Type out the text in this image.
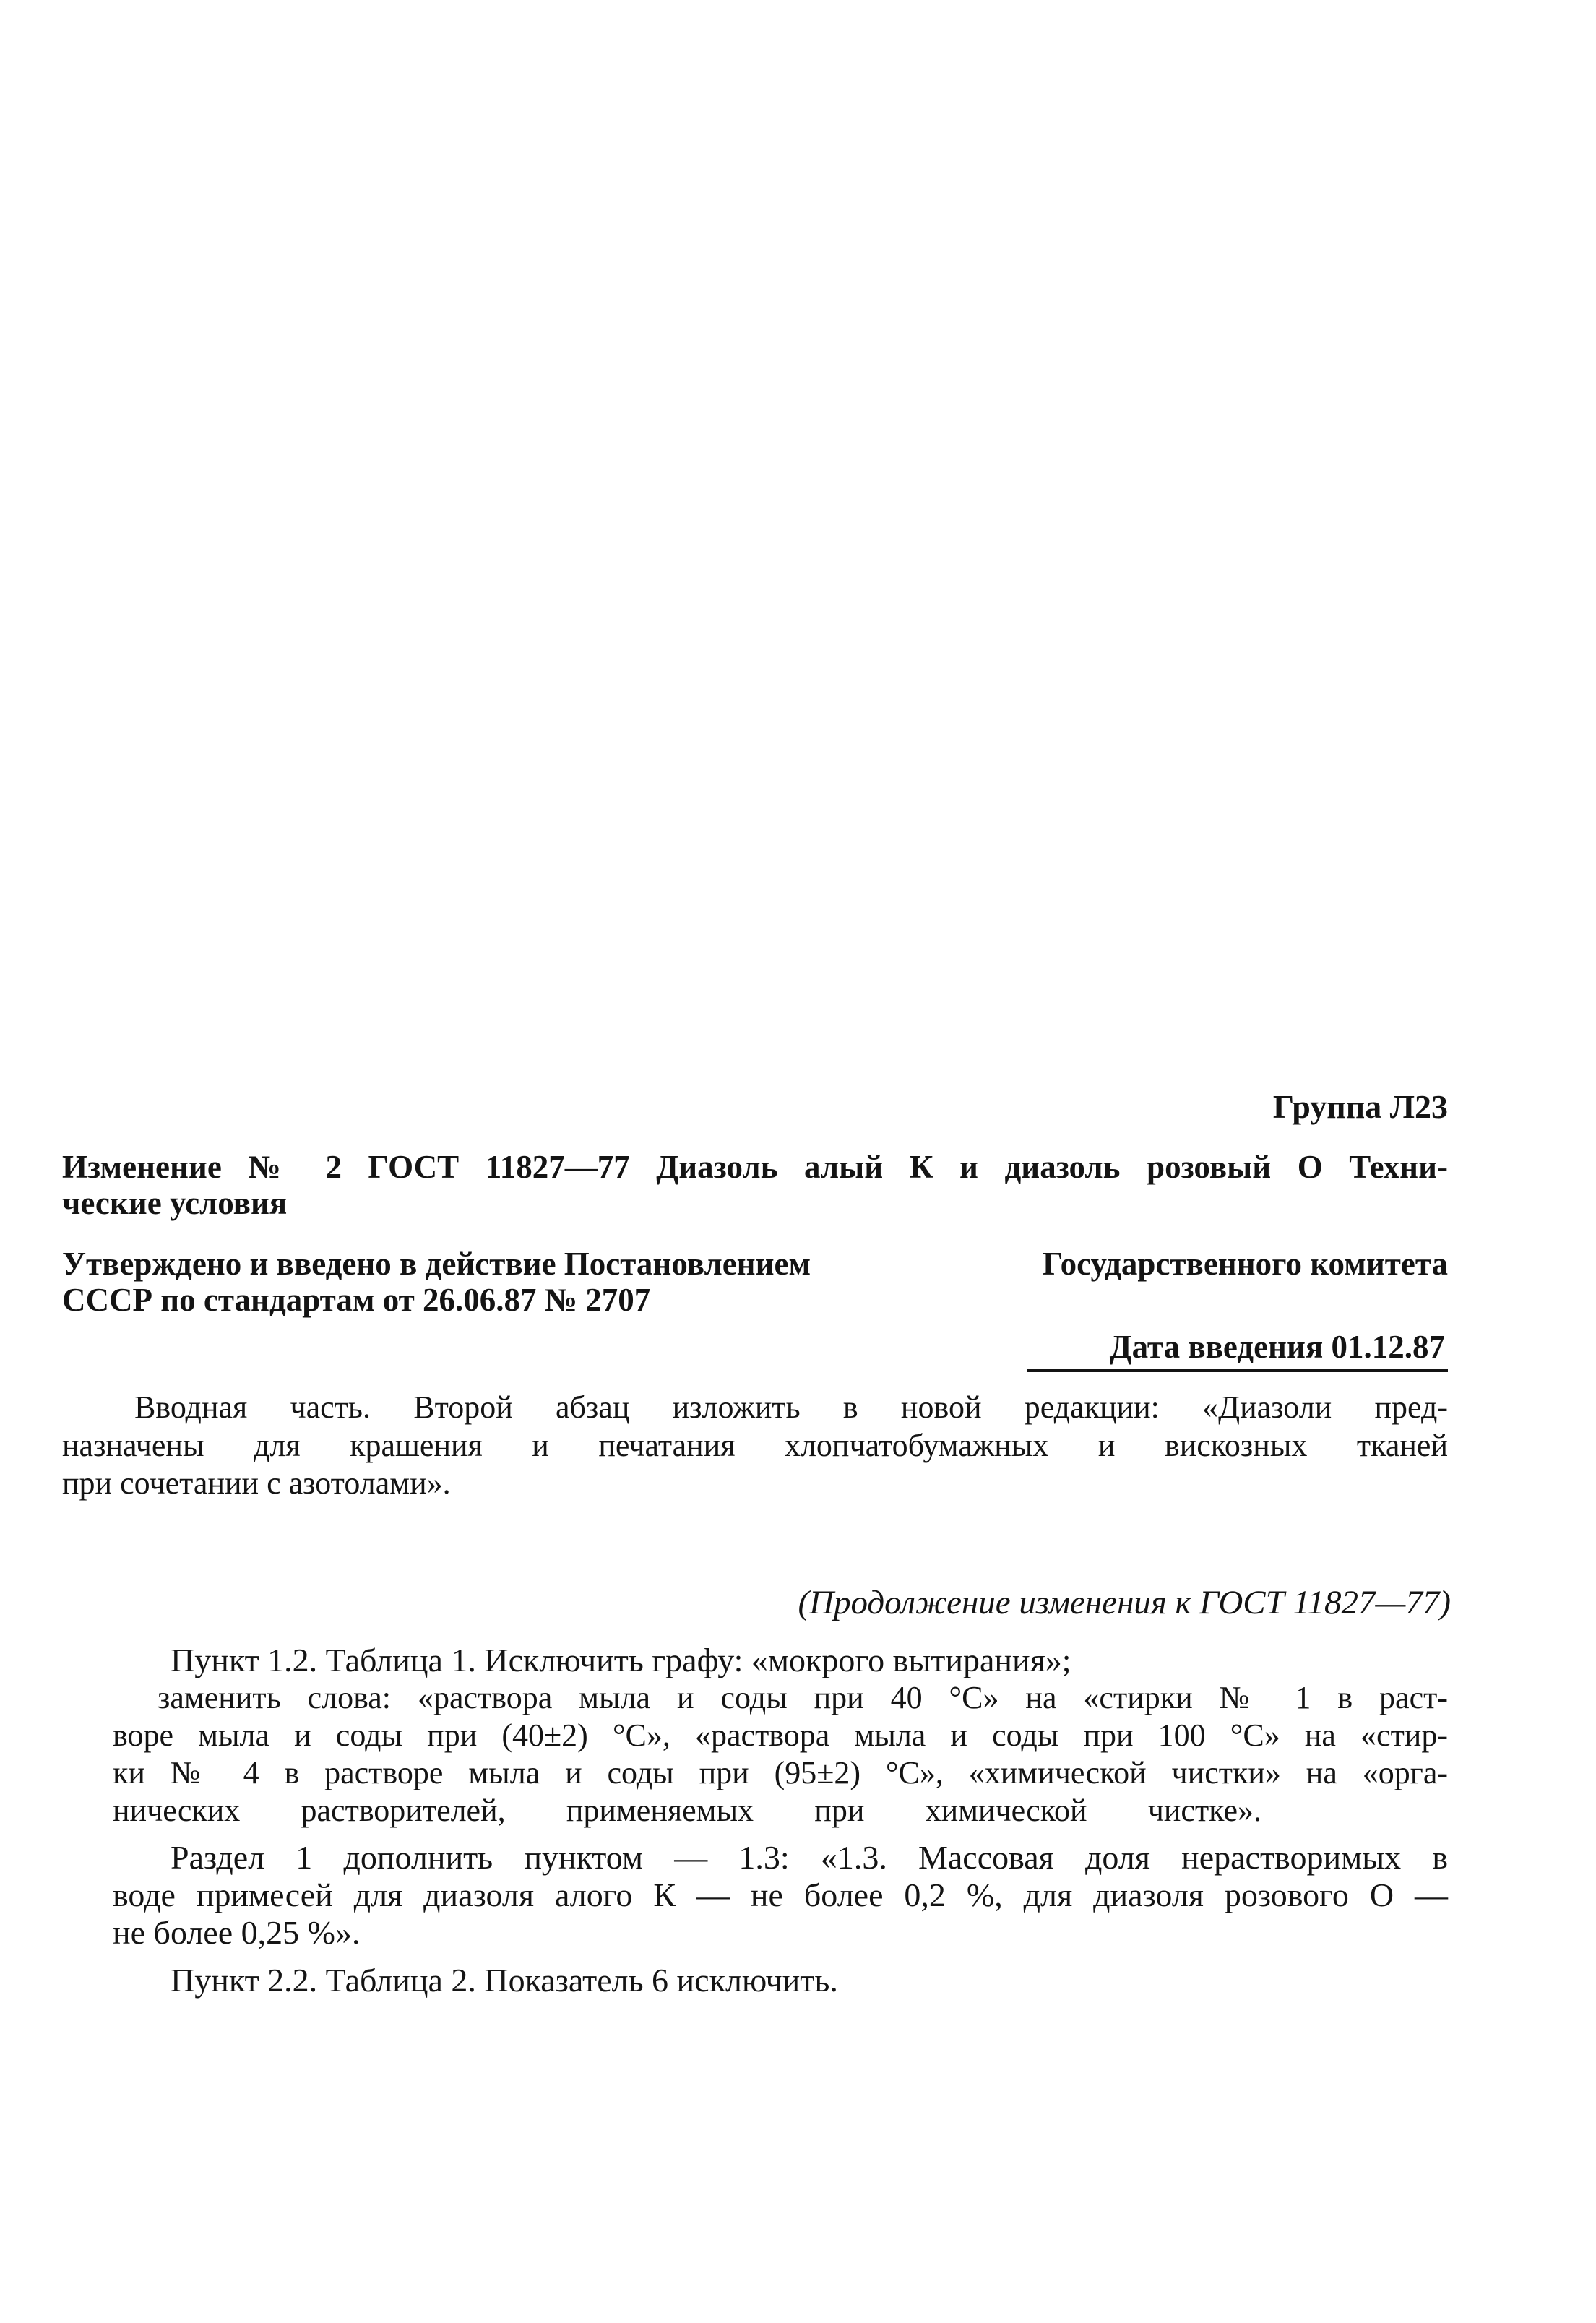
Группа Л23
Изменение № 2 ГОСТ 11827—77 Диазоль алый К и диазоль розовый О Техни-
ческие условия
Утверждено и введено в действие Постановлением	Государственного комитета
СССР по стандартам от 26.06.87 № 2707
Дата введения 01.12.87
Вводная часть. Второй абзац изложить в новой редакции: «Диазоли пред-
назначены для крашения и печатания хлопчатобумажных и вискозных тканей
при сочетании с азотолами».
(Продолжение изменения к ГОСТ 11827—77)
Пункт 1.2. Таблица 1. Исключить графу: «мокрого вытирания»;
заменить слова: «раствора мыла и соды при 40 °С» на «стирки № 1 в раст-
воре мыла и соды при (40±2) °С», «раствора мыла и соды при 100 °С» на «стир-
ки № 4 в растворе мыла и соды при (95±2) °С», «химической чистки» на «орга-
нических растворителей, применяемых при химической чистке».
Раздел 1 дополнить пунктом — 1.3: «1.3. Массовая доля нерастворимых в
воде примесей для диазоля алого К — не более 0,2 %, для диазоля розового О —
не более 0,25 %».
Пункт 2.2. Таблица 2. Показатель 6 исключить.
